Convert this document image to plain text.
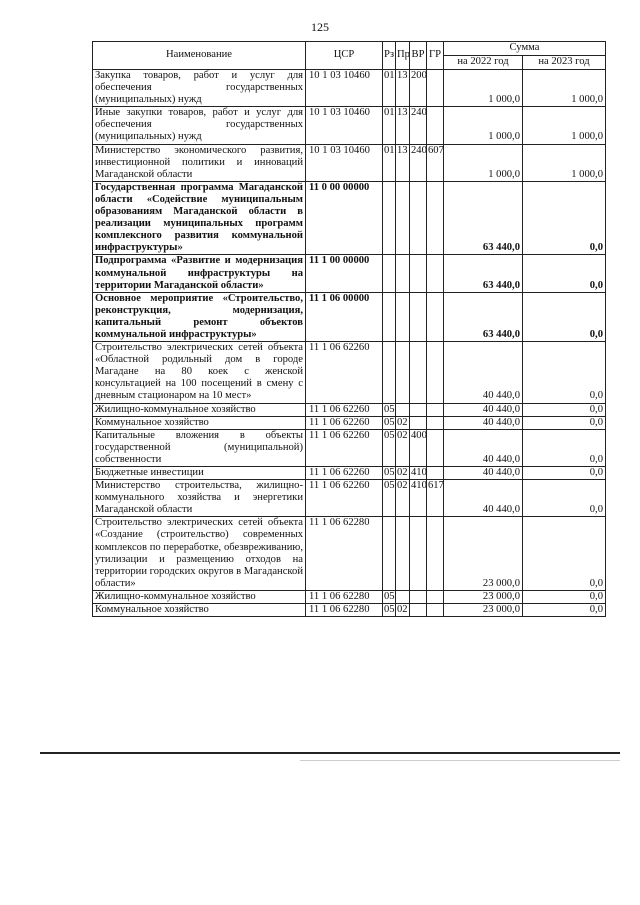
125
Наименование	ЦСР	Рз	Пр	ВР	ГР	Сумма	
						на 2022 год	на 2023 год
Закупка товаров, работ и услуг для обеспечения государственных (муниципальных) нужд	10 1 03 10460	01	13	200		1 000,0	1 000,0
Иные закупки товаров, работ и услуг для обеспечения государственных (муниципальных) нужд	10 1 03 10460	01	13	240		1 000,0	1 000,0
Министерство экономического развития, инвестиционной политики и инноваций Магаданской области	10 1 03 10460	01	13	240	607	1 000,0	1 000,0
Государственная программа Магаданской области «Содействие муниципальным образованиям Магаданской области в реализации муниципальных программ комплексного развития коммунальной инфраструктуры»	11 0 00 00000					63 440,0	0,0
Подпрограмма «Развитие и модернизация коммунальной инфраструктуры на территории Магаданской области»	11 1 00 00000					63 440,0	0,0
Основное мероприятие «Строительство, реконструкция, модернизация, капитальный ремонт объектов коммунальной инфраструктуры»	11 1 06 00000					63 440,0	0,0
Строительство электрических сетей объекта «Областной родильный дом в городе Магадане на 80 коек с женской консультацией на 100 посещений в смену с дневным стационаром на 10 мест»	11 1 06 62260					40 440,0	0,0
Жилищно-коммунальное хозяйство	11 1 06 62260	05				40 440,0	0,0
Коммунальное хозяйство	11 1 06 62260	05	02			40 440,0	0,0
Капитальные вложения в объекты государственной (муниципальной) собственности	11 1 06 62260	05	02	400		40 440,0	0,0
Бюджетные инвестиции	11 1 06 62260	05	02	410		40 440,0	0,0
Министерство строительства, жилищно-коммунального хозяйства и энергетики Магаданской области	11 1 06 62260	05	02	410	617	40 440,0	0,0
Строительство электрических сетей объекта «Создание (строительство) современных комплексов по переработке, обезвреживанию, утилизации и размещению отходов на территории городских округов в Магаданской области»	11 1 06 62280					23 000,0	0,0
Жилищно-коммунальное хозяйство	11 1 06 62280	05				23 000,0	0,0
Коммунальное хозяйство	11 1 06 62280	05	02			23 000,0	0,0
